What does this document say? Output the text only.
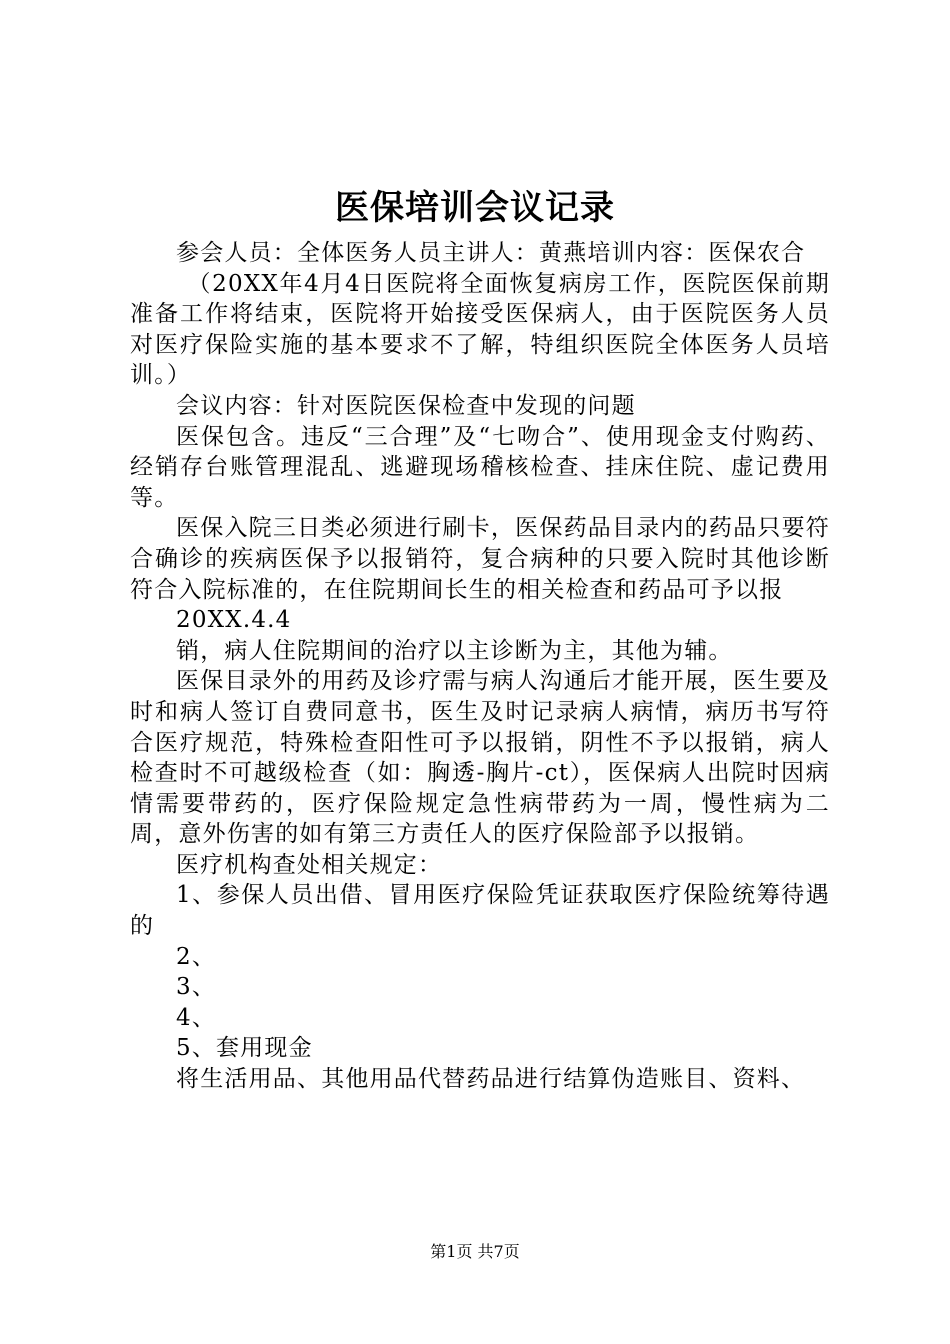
医保培训会议记录

参会人员：全体医务人员主讲人：黄燕培训内容：医保农合

（20XX年4月4日医院将全面恢复病房工作，医院医保前期准备工作将结束，医院将开始接受医保病人，由于医院医务人员对医疗保险实施的基本要求不了解，特组织医院全体医务人员培训。）

会议内容：针对医院医保检查中发现的问题

医保包含。违反“三合理”及“七吻合”、使用现金支付购药、经销存台账管理混乱、逃避现场稽核检查、挂床住院、虚记费用等。

医保入院三日类必须进行刷卡，医保药品目录内的药品只要符合确诊的疾病医保予以报销符，复合病种的只要入院时其他诊断符合入院标准的，在住院期间长生的相关检查和药品可予以报

20XX.4.4

销，病人住院期间的治疗以主诊断为主，其他为辅。

医保目录外的用药及诊疗需与病人沟通后才能开展，医生要及时和病人签订自费同意书，医生及时记录病人病情，病历书写符合医疗规范，特殊检查阳性可予以报销，阴性不予以报销，病人检查时不可越级检查（如：胸透-胸片-ct），医保病人出院时因病情需要带药的，医疗保险规定急性病带药为一周，慢性病为二周，意外伤害的如有第三方责任人的医疗保险部予以报销。

医疗机构查处相关规定：

1、参保人员出借、冒用医疗保险凭证获取医疗保险统筹待遇的

2、

3、

4、

5、套用现金

将生活用品、其他用品代替药品进行结算伪造账目、资料、

第1页 共7页
